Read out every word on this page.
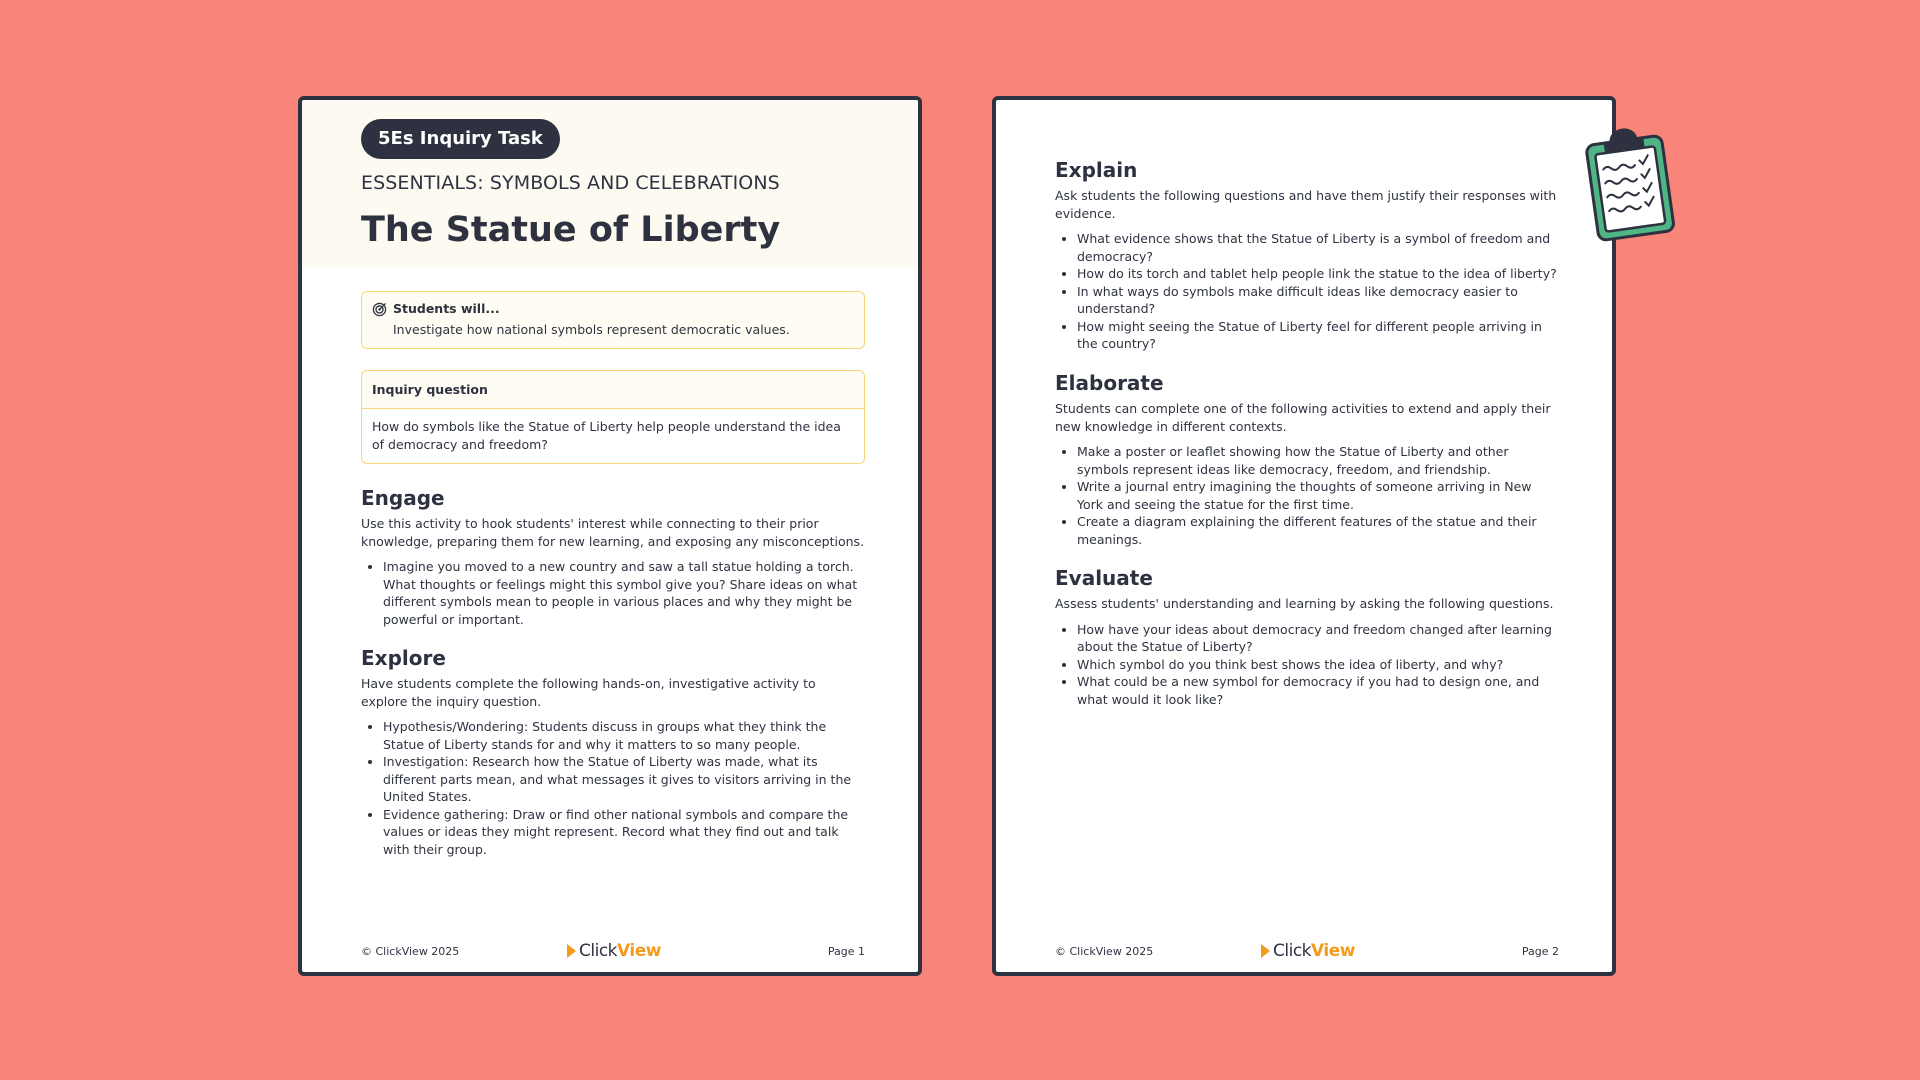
5Es Inquiry Task
ESSENTIALS: SYMBOLS AND CELEBRATIONS
The Statue of Liberty
Students will...
Investigate how national symbols represent democratic values.
Inquiry question
How do symbols like the Statue of Liberty help people understand the idea of democracy and freedom?
Engage

Use this activity to hook students' interest while connecting to their prior knowledge, preparing them for new learning, and exposing any misconceptions.

• Imagine you moved to a new country and saw a tall statue holding a torch. What thoughts or feelings might this symbol give you? Share ideas on what different symbols mean to people in various places and why they might be powerful or important.
Explore

Have students complete the following hands-on, investigative activity to explore the inquiry question.

• Hypothesis/Wondering: Students discuss in groups what they think the Statue of Liberty stands for and why it matters to so many people.
• Investigation: Research how the Statue of Liberty was made, what its different parts mean, and what messages it gives to visitors arriving in the United States.
• Evidence gathering: Draw or find other national symbols and compare the values or ideas they might represent. Record what they find out and talk with their group.
© ClickView 2025	Click View	Page 1
Explain

Ask students the following questions and have them justify their responses with evidence.

• What evidence shows that the Statue of Liberty is a symbol of freedom and democracy?
• How do its torch and tablet help people link the statue to the idea of liberty?
• In what ways do symbols make difficult ideas like democracy easier to understand?
• How might seeing the Statue of Liberty feel for different people arriving in the country?
Elaborate

Students can complete one of the following activities to extend and apply their new knowledge in different contexts.

• Make a poster or leaflet showing how the Statue of Liberty and other symbols represent ideas like democracy, freedom, and friendship.
• Write a journal entry imagining the thoughts of someone arriving in New York and seeing the statue for the first time.
• Create a diagram explaining the different features of the statue and their meanings.
Evaluate

Assess students' understanding and learning by asking the following questions.

• How have your ideas about democracy and freedom changed after learning about the Statue of Liberty?
• Which symbol do you think best shows the idea of liberty, and why?
• What could be a new symbol for democracy if you had to design one, and what would it look like?
© ClickView 2025	Click View	Page 2
